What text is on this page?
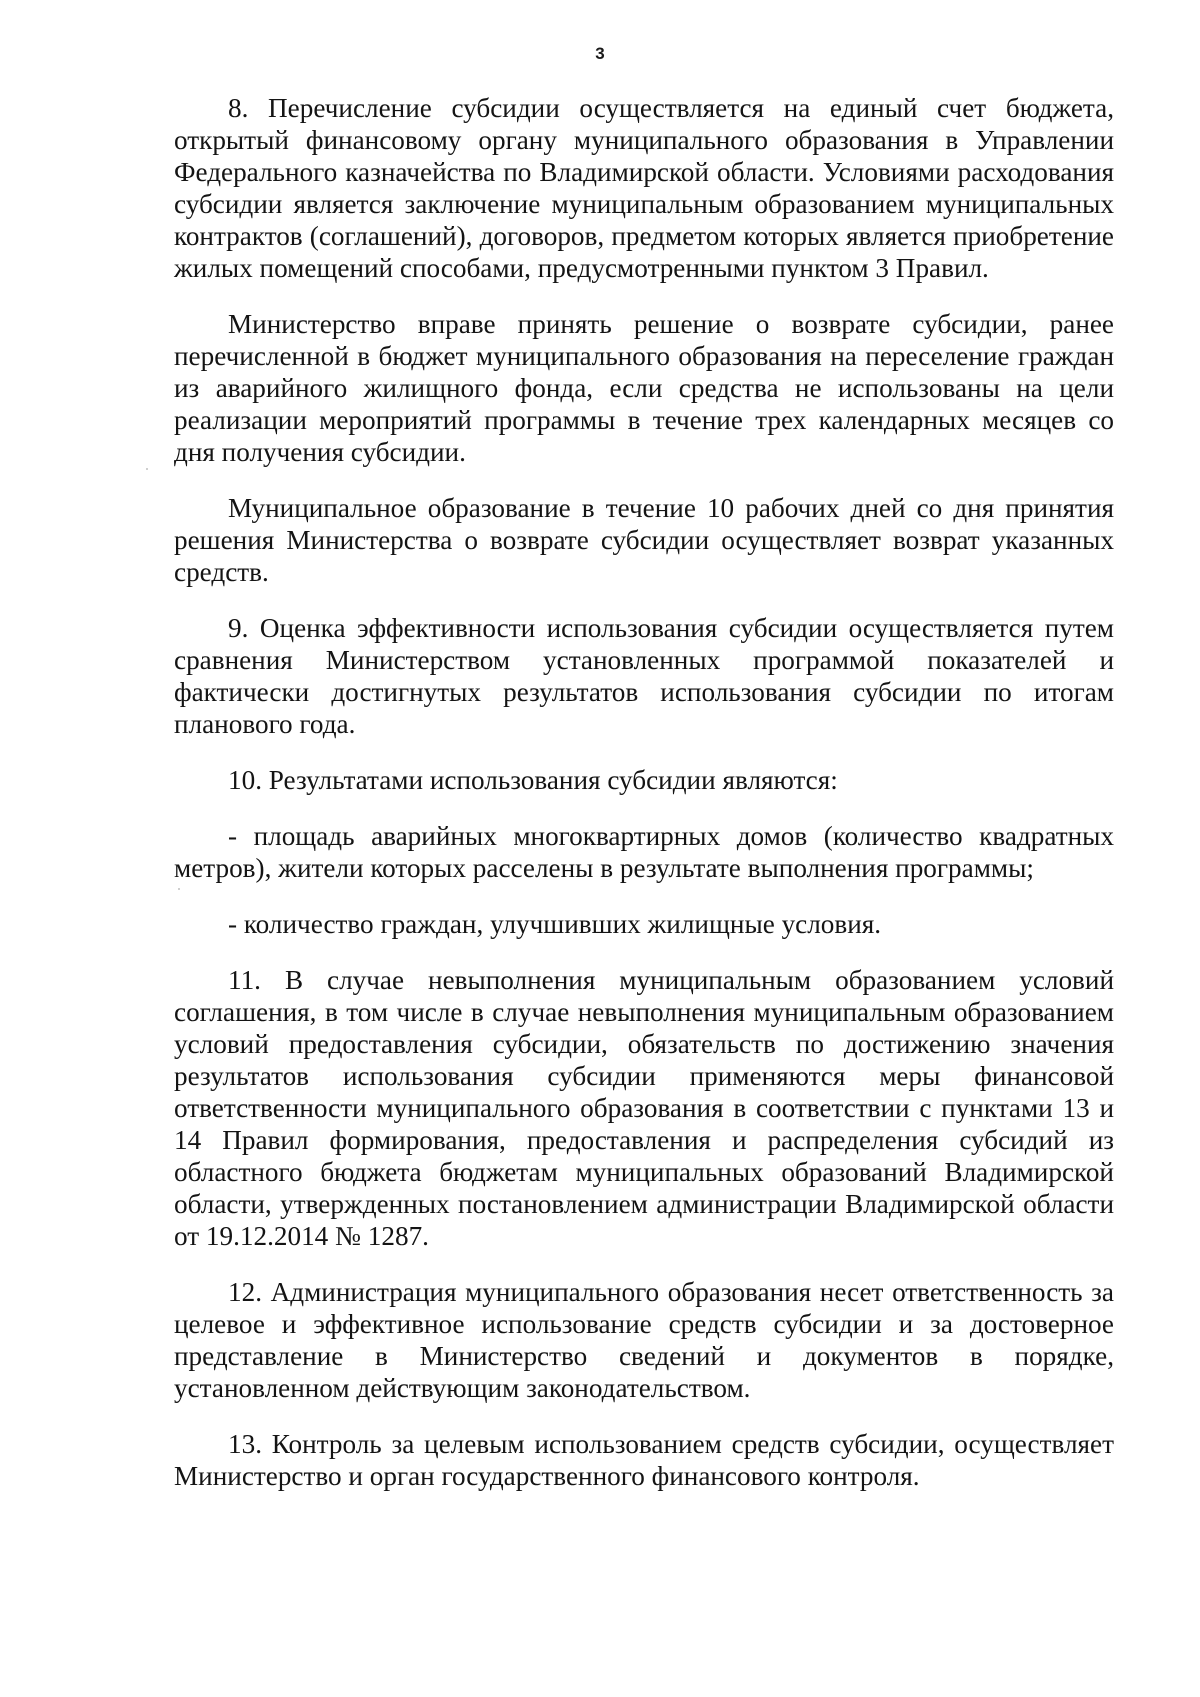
3

8. Перечисление субсидии осуществляется на единый счет бюджета, открытый финансовому органу муниципального образования в Управлении Федерального казначейства по Владимирской области. Условиями расходования субсидии является заключение муниципальным образованием муниципальных контрактов (соглашений), договоров, предметом которых является приобретение жилых помещений способами, предусмотренными пунктом 3 Правил.

Министерство вправе принять решение о возврате субсидии, ранее перечисленной в бюджет муниципального образования на переселение граждан из аварийного жилищного фонда, если средства не использованы на цели реализации мероприятий программы в течение трех календарных месяцев со дня получения субсидии.

Муниципальное образование в течение 10 рабочих дней со дня принятия решения Министерства о возврате субсидии осуществляет возврат указанных средств.

9. Оценка эффективности использования субсидии осуществляется путем сравнения Министерством установленных программой показателей и фактически достигнутых результатов использования субсидии по итогам планового года.

10. Результатами использования субсидии являются:

- площадь аварийных многоквартирных домов (количество квадратных метров), жители которых расселены в результате выполнения программы;

- количество граждан, улучшивших жилищные условия.

11. В случае невыполнения муниципальным образованием условий соглашения, в том числе в случае невыполнения муниципальным образованием условий предоставления субсидии, обязательств по достижению значения результатов использования субсидии применяются меры финансовой ответственности муниципального образования в соответствии с пунктами 13 и 14 Правил формирования, предоставления и распределения субсидий из областного бюджета бюджетам муниципальных образований Владимирской области, утвержденных постановлением администрации Владимирской области от 19.12.2014 № 1287.

12. Администрация муниципального образования несет ответственность за целевое и эффективное использование средств субсидии и за достоверное представление в Министерство сведений и документов в порядке, установленном действующим законодательством.

13. Контроль за целевым использованием средств субсидии, осуществляет Министерство и орган государственного финансового контроля.
